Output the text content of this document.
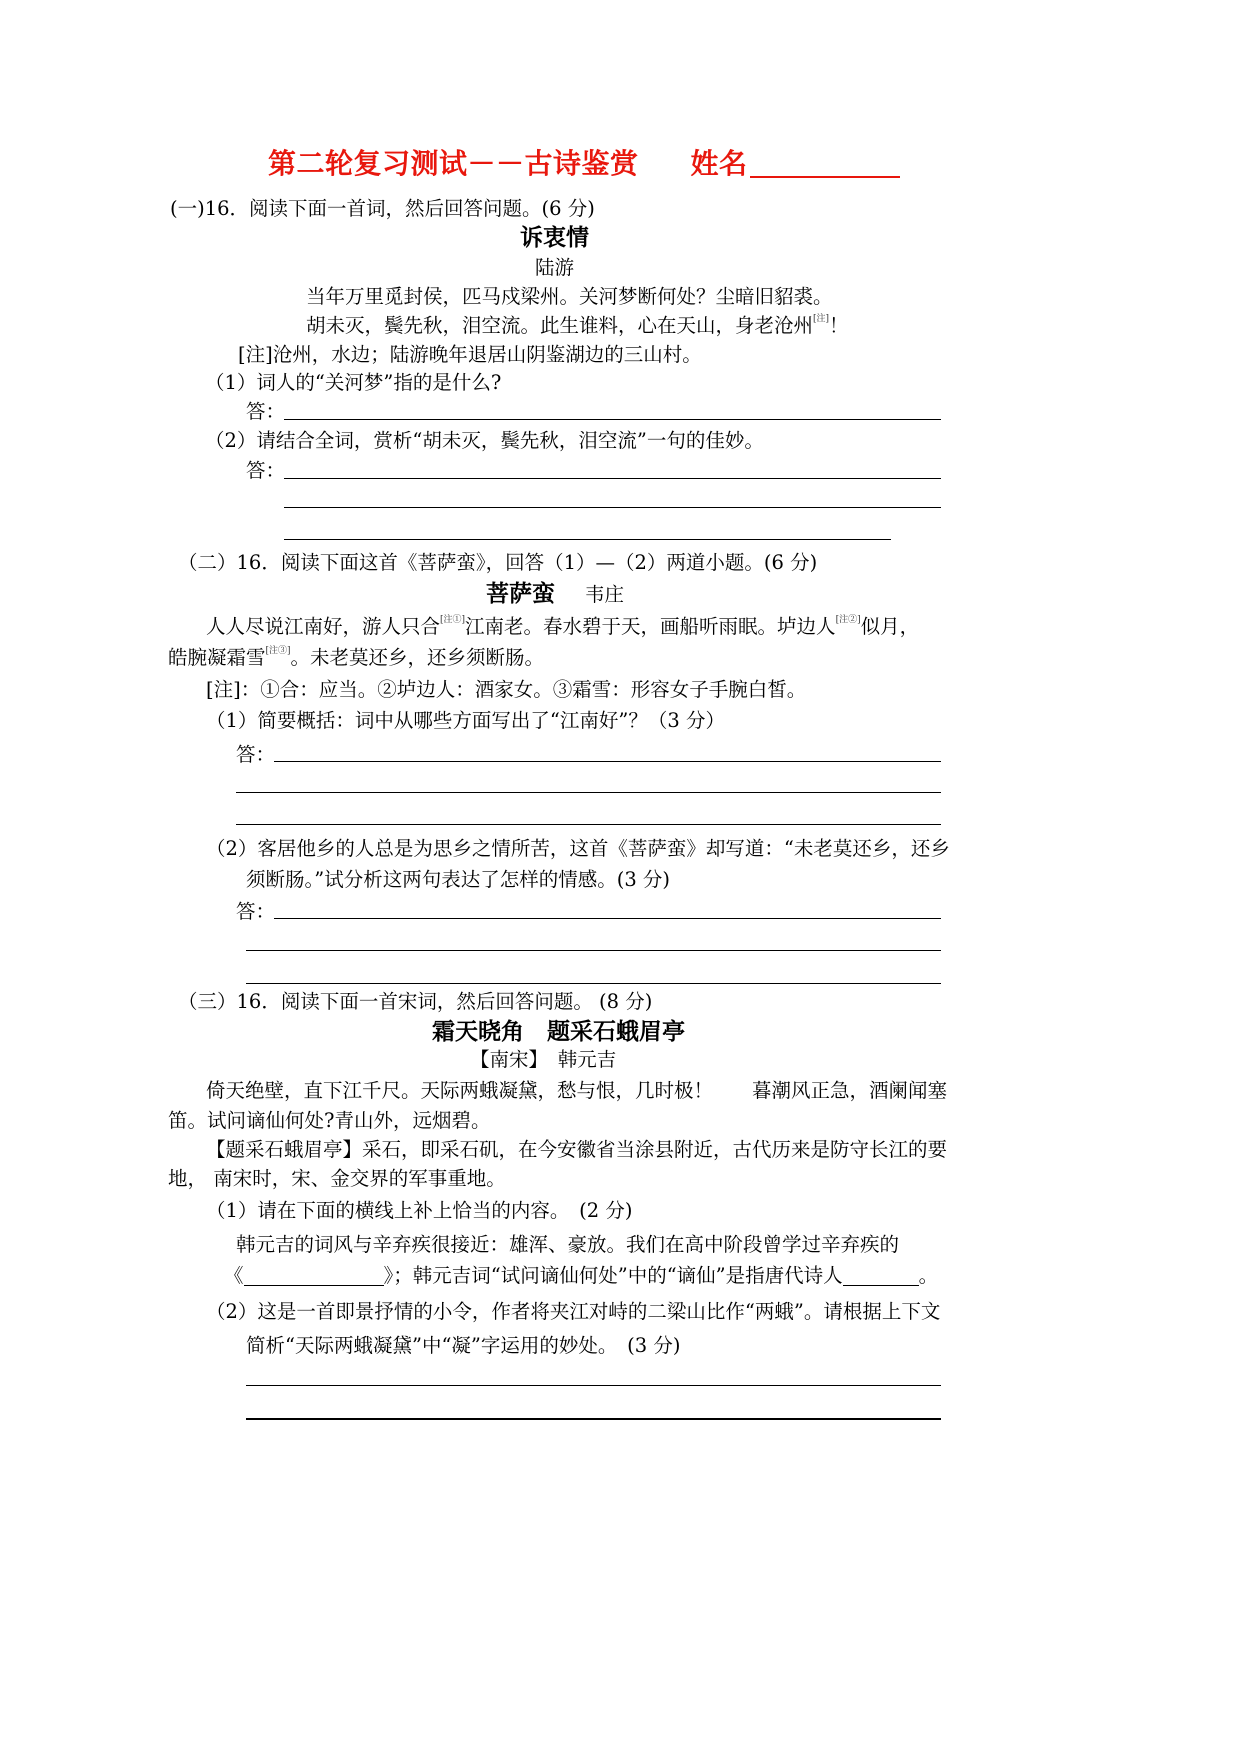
第二轮复习测试－－古诗鉴赏 姓名
(一)16．阅读下面一首词，然后回答问题。(6 分)
诉衷情
陆游
当年万里觅封侯，匹马戍梁州。关河梦断何处？尘暗旧貂裘。
胡未灭，鬓先秋，泪空流。此生谁料，心在天山，身老沧州[注]！
[注]沧州，水边；陆游晚年退居山阴鉴湖边的三山村。
（1）词人的“关河梦”指的是什么?
答：
（2）请结合全词，赏析“胡未灭，鬓先秋，泪空流”一句的佳妙。
答：
（二）16．阅读下面这首《菩萨蛮》，回答（1）—（2）两道小题。(6 分)
菩萨蛮 韦庄
人人尽说江南好，游人只合[注①]江南老。春水碧于天，画船听雨眠。垆边人[注②]似月，
皓腕凝霜雪[注③]。未老莫还乡，还乡须断肠。
[注]：①合：应当。②垆边人：酒家女。③霜雪：形容女子手腕白皙。
（1）简要概括：词中从哪些方面写出了“江南好”？（3 分）
答：
（2）客居他乡的人总是为思乡之情所苦，这首《菩萨蛮》却写道：“未老莫还乡，还乡
须断肠。”试分析这两句表达了怎样的情感。(3 分)
答：
（三）16．阅读下面一首宋词，然后回答问题。 (8 分)
霜天晓角　题采石蛾眉亭
【南宋】　韩元吉
倚天绝壁，直下江千尺。天际两蛾凝黛，愁与恨，几时极！　　暮潮风正急，酒阑闻塞
笛。试问谪仙何处?青山外，远烟碧。
【题采石蛾眉亭】采石，即采石矶，在今安徽省当涂县附近，古代历来是防守长江的要
地， 南宋时，宋、金交界的军事重地。
（1）请在下面的横线上补上恰当的内容。　(2 分)
韩元吉的词风与辛弃疾很接近：雄浑、豪放。我们在高中阶段曾学过辛弃疾的
《	》；韩元吉词“试问谪仙何处”中的“谪仙”是指唐代诗人	。
（2）这是一首即景抒情的小令，作者将夹江对峙的二梁山比作“两蛾”。请根据上下文
简析“天际两蛾凝黛”中“凝”字运用的妙处。　(3 分)
